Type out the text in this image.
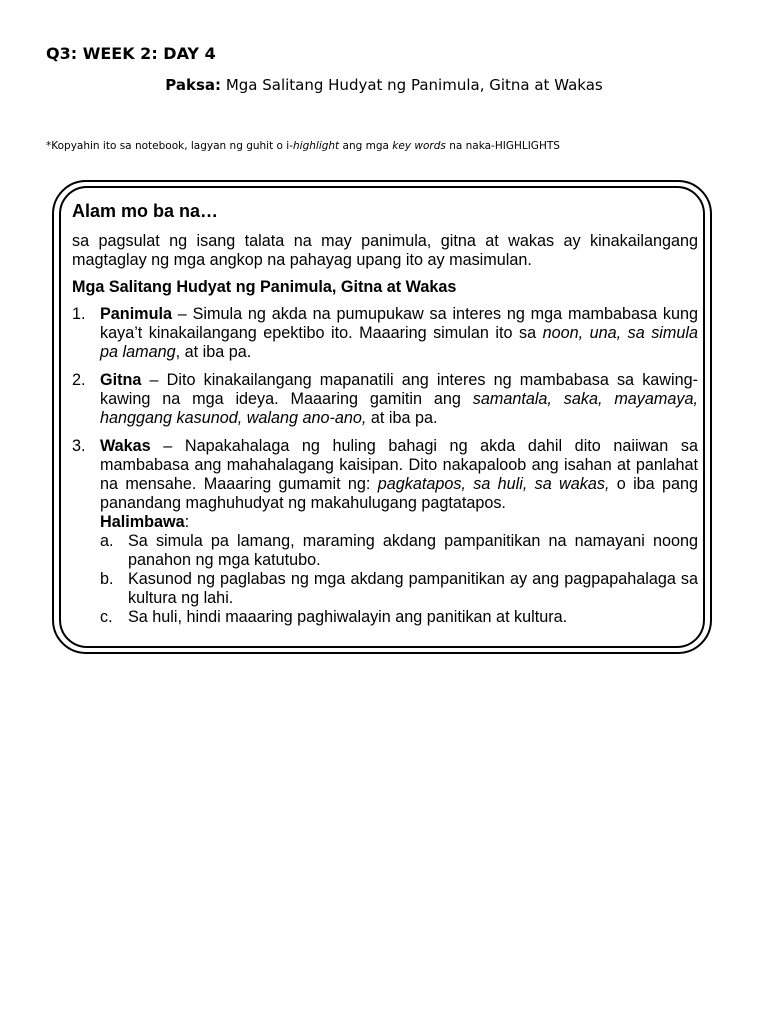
Q3: WEEK 2: DAY 4
Paksa: Mga Salitang Hudyat ng Panimula, Gitna at Wakas
*Kopyahin ito sa notebook, lagyan ng guhit o i-highlight ang mga key words na naka-HIGHLIGHTS
Alam mo ba na…
sa pagsulat ng isang talata na may panimula, gitna at wakas ay kinakailangang magtaglay ng mga angkop na pahayag upang ito ay masimulan.
Mga Salitang Hudyat ng Panimula, Gitna at Wakas
1. Panimula – Simula ng akda na pumupukaw sa interes ng mga mambabasa kung kaya’t kinakailangang epektibo ito. Maaaring simulan ito sa noon, una, sa simula pa lamang, at iba pa.
2. Gitna – Dito kinakailangang mapanatili ang interes ng mambabasa sa kawing-kawing na mga ideya. Maaaring gamitin ang samantala, saka, mayamaya, hanggang kasunod, walang ano-ano, at iba pa.
3. Wakas – Napakahalaga ng huling bahagi ng akda dahil dito naiiwan sa mambabasa ang mahahalagang kaisipan. Dito nakapaloob ang isahan at panlahat na mensahe. Maaaring gumamit ng: pagkatapos, sa huli, sa wakas, o iba pang panandang maghuhudyat ng makahulugang pagtatapos.
Halimbawa:
a. Sa simula pa lamang, maraming akdang pampanitikan na namayani noong panahon ng mga katutubo.
b. Kasunod ng paglabas ng mga akdang pampanitikan ay ang pagpapahalaga sa kultura ng lahi.
c. Sa huli, hindi maaaring paghiwalayin ang panitikan at kultura.
